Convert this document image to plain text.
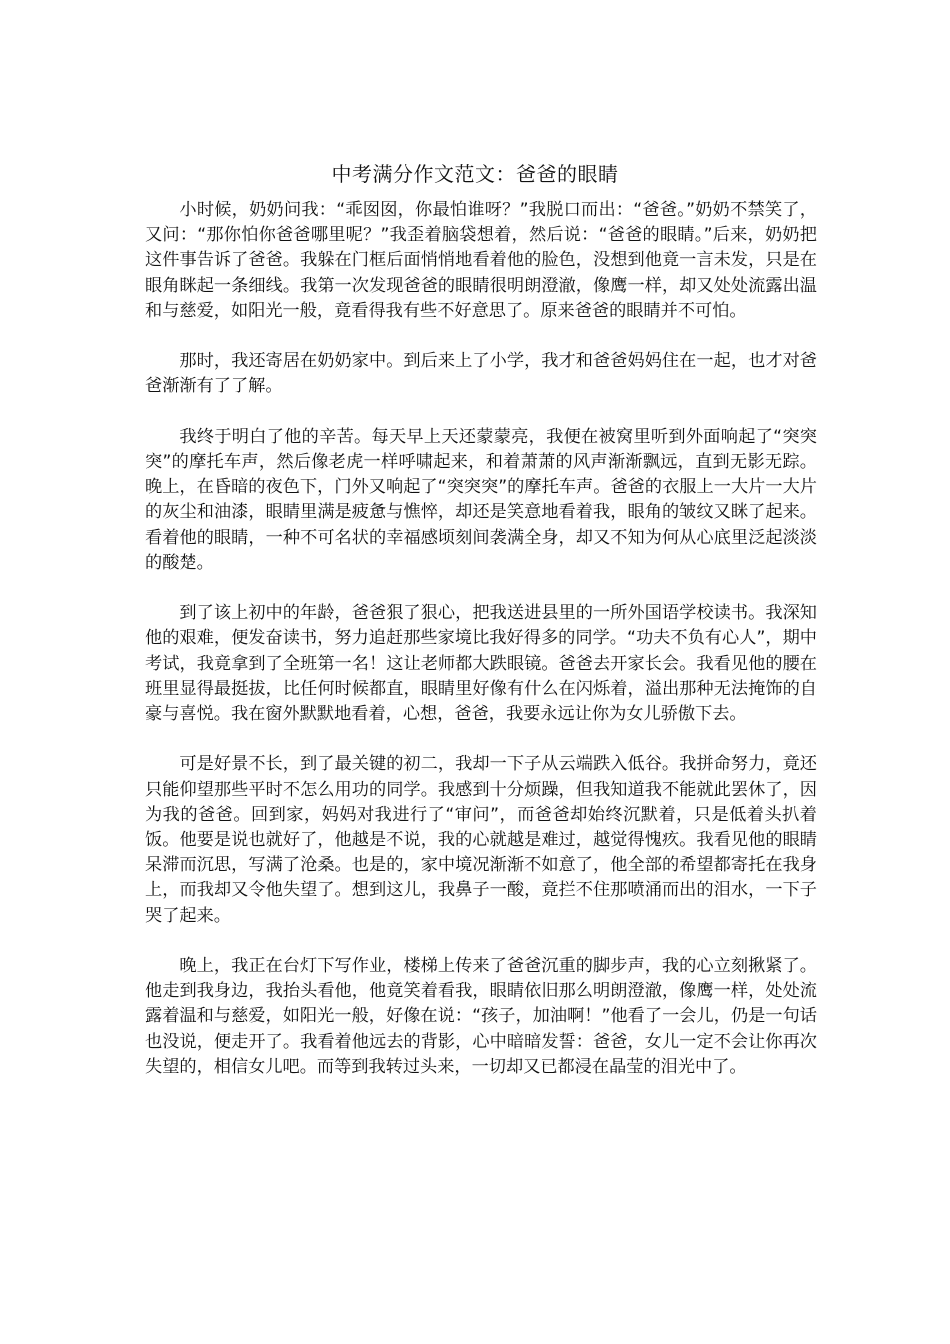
中考满分作文范文：爸爸的眼睛

小时候，奶奶问我：“乖囡囡，你最怕谁呀？”我脱口而出：“爸爸。”奶奶不禁笑了，又问：“那你怕你爸爸哪里呢？”我歪着脑袋想着，然后说：“爸爸的眼睛。”后来，奶奶把这件事告诉了爸爸。我躲在门框后面悄悄地看着他的脸色，没想到他竟一言未发，只是在眼角眯起一条细线。我第一次发现爸爸的眼睛很明朗澄澈，像鹰一样，却又处处流露出温和与慈爱，如阳光一般，竟看得我有些不好意思了。原来爸爸的眼睛并不可怕。

那时，我还寄居在奶奶家中。到后来上了小学，我才和爸爸妈妈住在一起，也才对爸爸渐渐有了了解。

我终于明白了他的辛苦。每天早上天还蒙蒙亮，我便在被窝里听到外面响起了“突突突”的摩托车声，然后像老虎一样呼啸起来，和着萧萧的风声渐渐飘远，直到无影无踪。晚上，在昏暗的夜色下，门外又响起了“突突突”的摩托车声。爸爸的衣服上一大片一大片的灰尘和油漆，眼睛里满是疲惫与憔悴，却还是笑意地看着我，眼角的皱纹又眯了起来。看着他的眼睛，一种不可名状的幸福感顷刻间袭满全身，却又不知为何从心底里泛起淡淡的酸楚。

到了该上初中的年龄，爸爸狠了狠心，把我送进县里的一所外国语学校读书。我深知他的艰难，便发奋读书，努力追赶那些家境比我好得多的同学。“功夫不负有心人”，期中考试，我竟拿到了全班第一名！这让老师都大跌眼镜。爸爸去开家长会。我看见他的腰在班里显得最挺拔，比任何时候都直，眼睛里好像有什么在闪烁着，溢出那种无法掩饰的自豪与喜悦。我在窗外默默地看着，心想，爸爸，我要永远让你为女儿骄傲下去。

可是好景不长，到了最关键的初二，我却一下子从云端跌入低谷。我拼命努力，竟还只能仰望那些平时不怎么用功的同学。我感到十分烦躁，但我知道我不能就此罢休了，因为我的爸爸。回到家，妈妈对我进行了“审问”，而爸爸却始终沉默着，只是低着头扒着饭。他要是说也就好了，他越是不说，我的心就越是难过，越觉得愧疚。我看见他的眼睛呆滞而沉思，写满了沧桑。也是的，家中境况渐渐不如意了，他全部的希望都寄托在我身上，而我却又令他失望了。想到这儿，我鼻子一酸，竟拦不住那喷涌而出的泪水，一下子哭了起来。

晚上，我正在台灯下写作业，楼梯上传来了爸爸沉重的脚步声，我的心立刻揪紧了。他走到我身边，我抬头看他，他竟笑着看我，眼睛依旧那么明朗澄澈，像鹰一样，处处流露着温和与慈爱，如阳光一般，好像在说：“孩子，加油啊！”他看了一会儿，仍是一句话也没说，便走开了。我看着他远去的背影，心中暗暗发誓：爸爸，女儿一定不会让你再次失望的，相信女儿吧。而等到我转过头来，一切却又已都浸在晶莹的泪光中了。
